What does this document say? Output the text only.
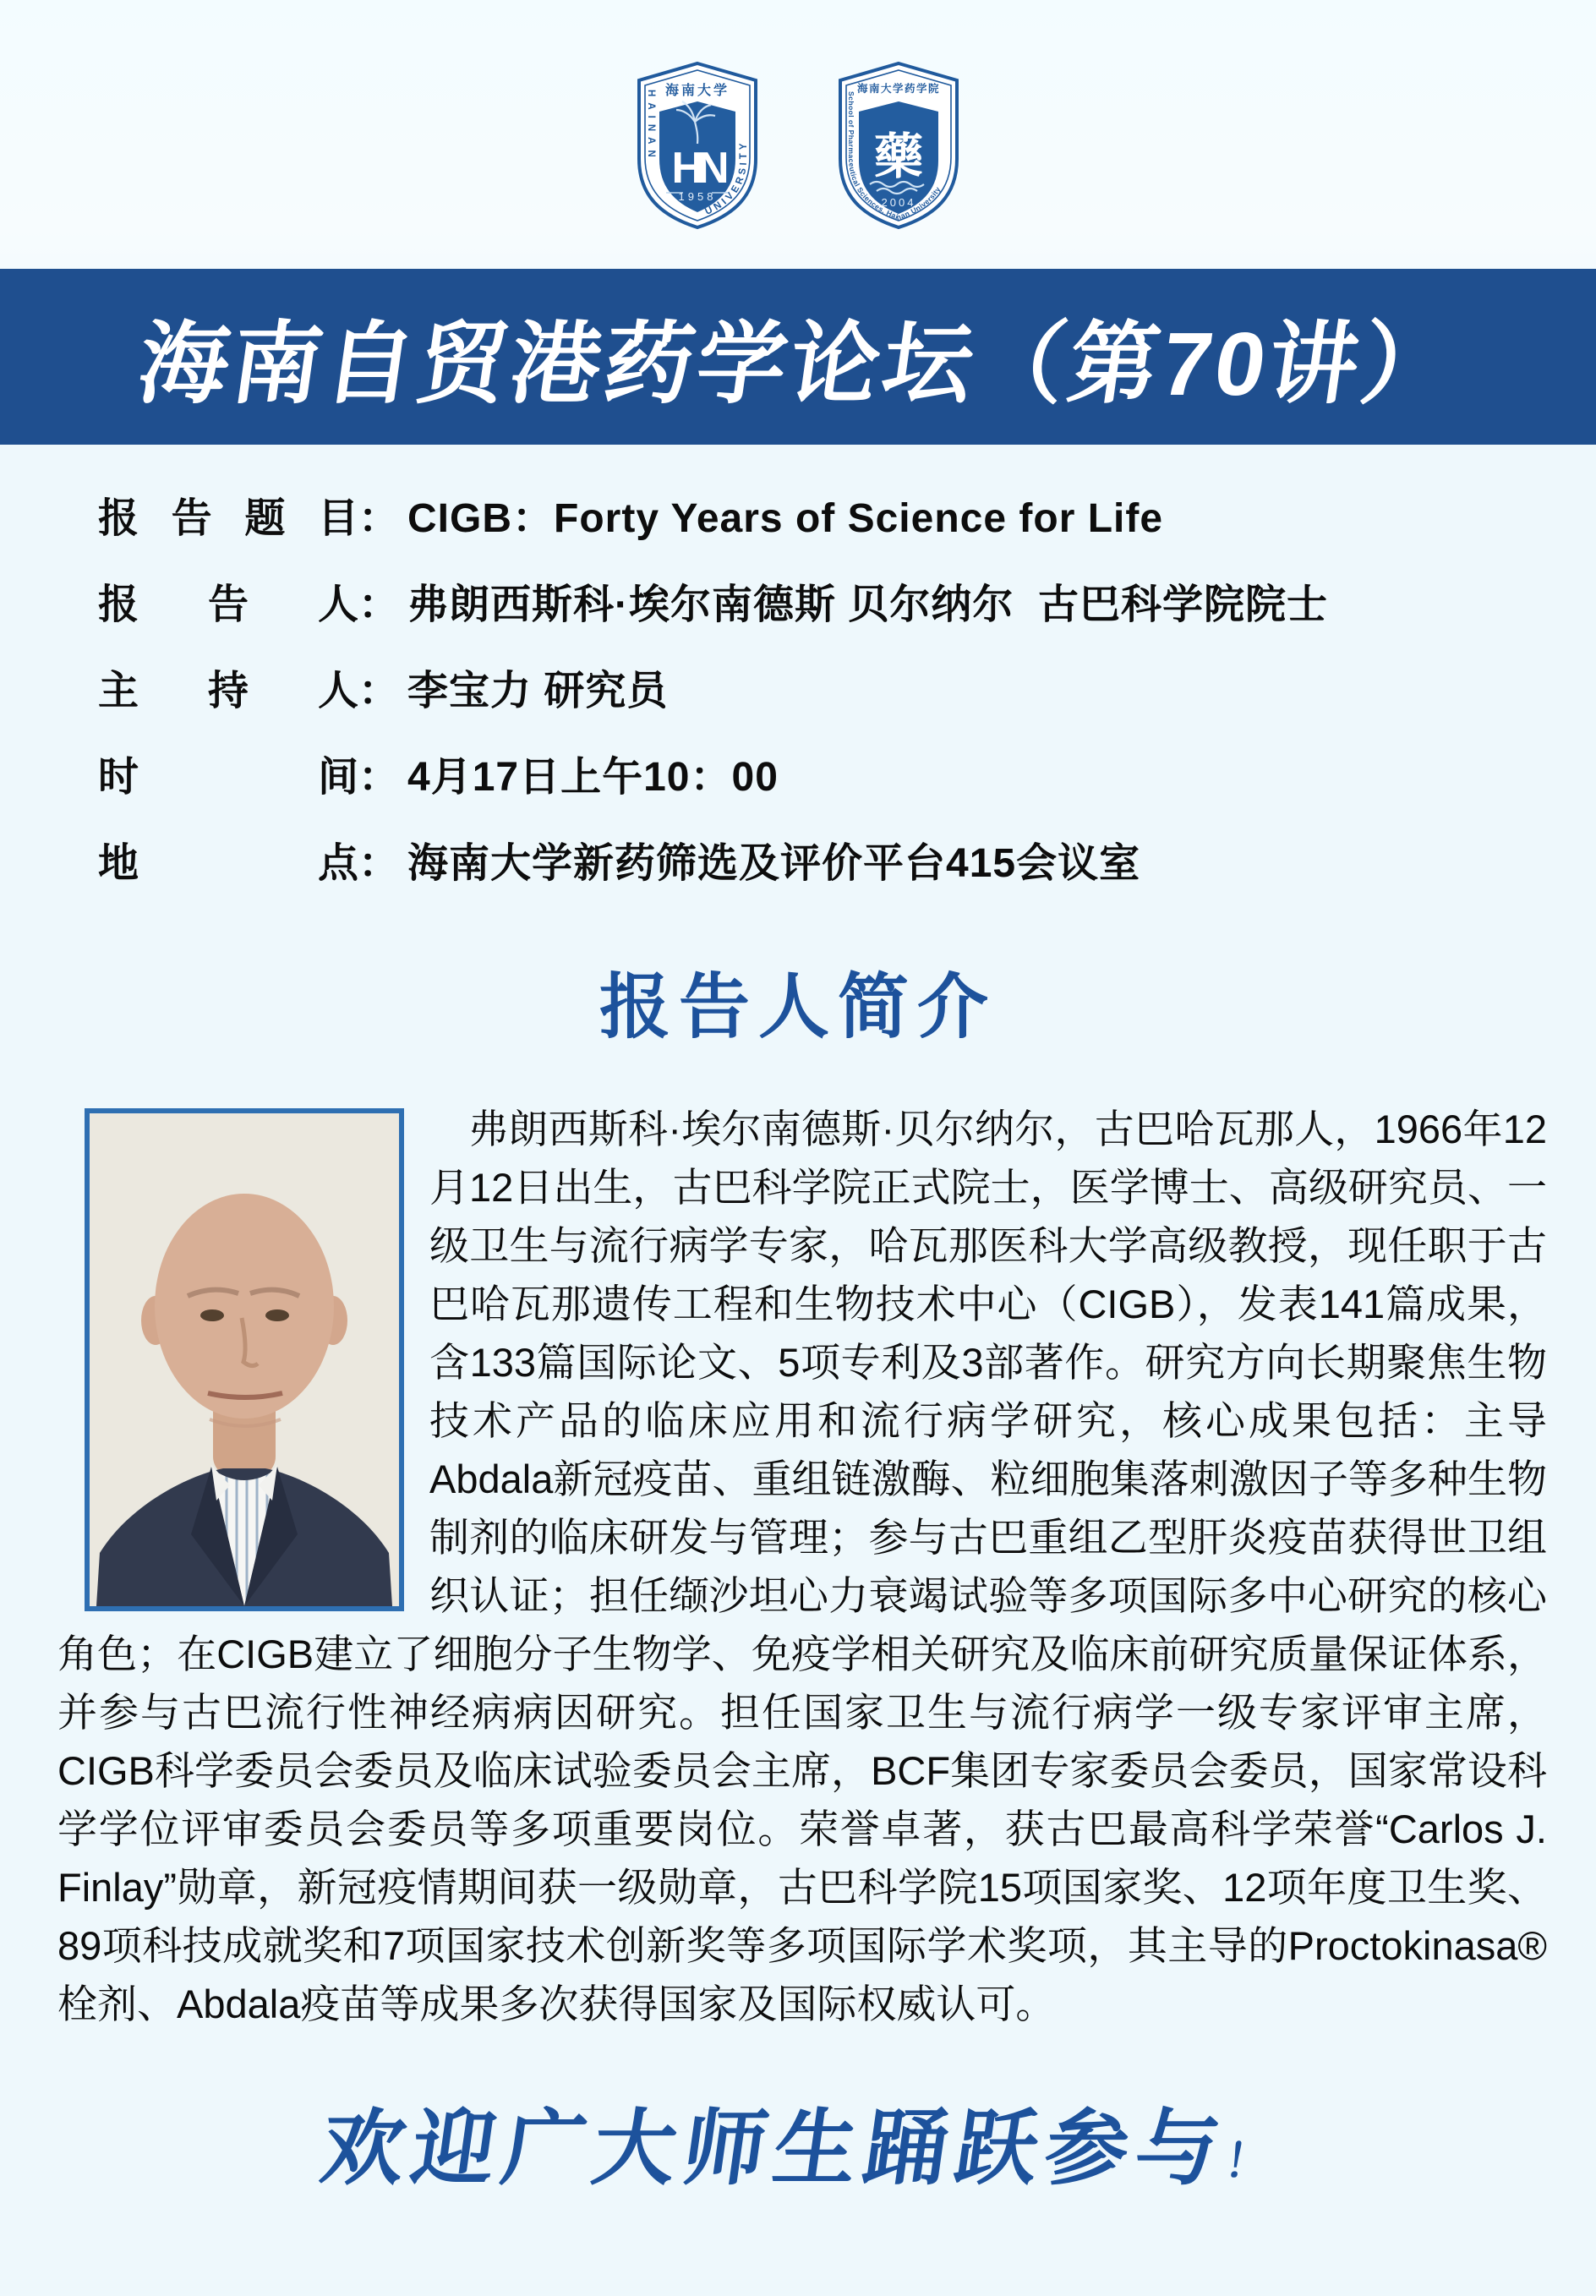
海南大学
HN
1958
HAINAN
UNIVERSITY
海南大学药学院
藥
2004
School of Pharmaceutical Sciences, Hainan University
海南自贸港药学论坛（第70讲）
报告题目 ： CIGB：Forty Years of Science for Life
报告人 ： 弗朗西斯科·埃尔南德斯 贝尔纳尔  古巴科学院院士
主持人 ： 李宝力 研究员
时间 ： 4月17日上午10：00
地点 ： 海南大学新药筛选及评价平台415会议室
报告人简介

弗朗西斯科·埃尔南德斯·贝尔纳尔，古巴哈瓦那人，1966年12月12日出生，古巴科学院正式院士，医学博士、高级研究员、一级卫生与流行病学专家，哈瓦那医科大学高级教授，现任职于古巴哈瓦那遗传工程和生物技术中心（CIGB），发表141篇成果，含133篇国际论文、5项专利及3部著作。研究方向长期聚焦生物技术产品的临床应用和流行病学研究，核心成果包括：主导Abdala新冠疫苗、重组链激酶、粒细胞集落刺激因子等多种生物制剂的临床研发与管理；参与古巴重组乙型肝炎疫苗获得世卫组织认证；担任缬沙坦心力衰竭试验等多项国际多中心研究的核心角色；在CIGB建立了细胞分子生物学、免疫学相关研究及临床前研究质量保证体系，并参与古巴流行性神经病病因研究。担任国家卫生与流行病学一级专家评审主席，CIGB科学委员会委员及临床试验委员会主席，BCF集团专家委员会委员，国家常设科学学位评审委员会委员等多项重要岗位。荣誉卓著，获古巴最高科学荣誉“Carlos J. Finlay”勋章，新冠疫情期间获一级勋章，古巴科学院15项国家奖、12项年度卫生奖、89项科技成就奖和7项国家技术创新奖等多项国际学术奖项，其主导的Proctokinasa®栓剂、Abdala疫苗等成果多次获得国家及国际权威认可。

欢迎广大师生踊跃参与！
